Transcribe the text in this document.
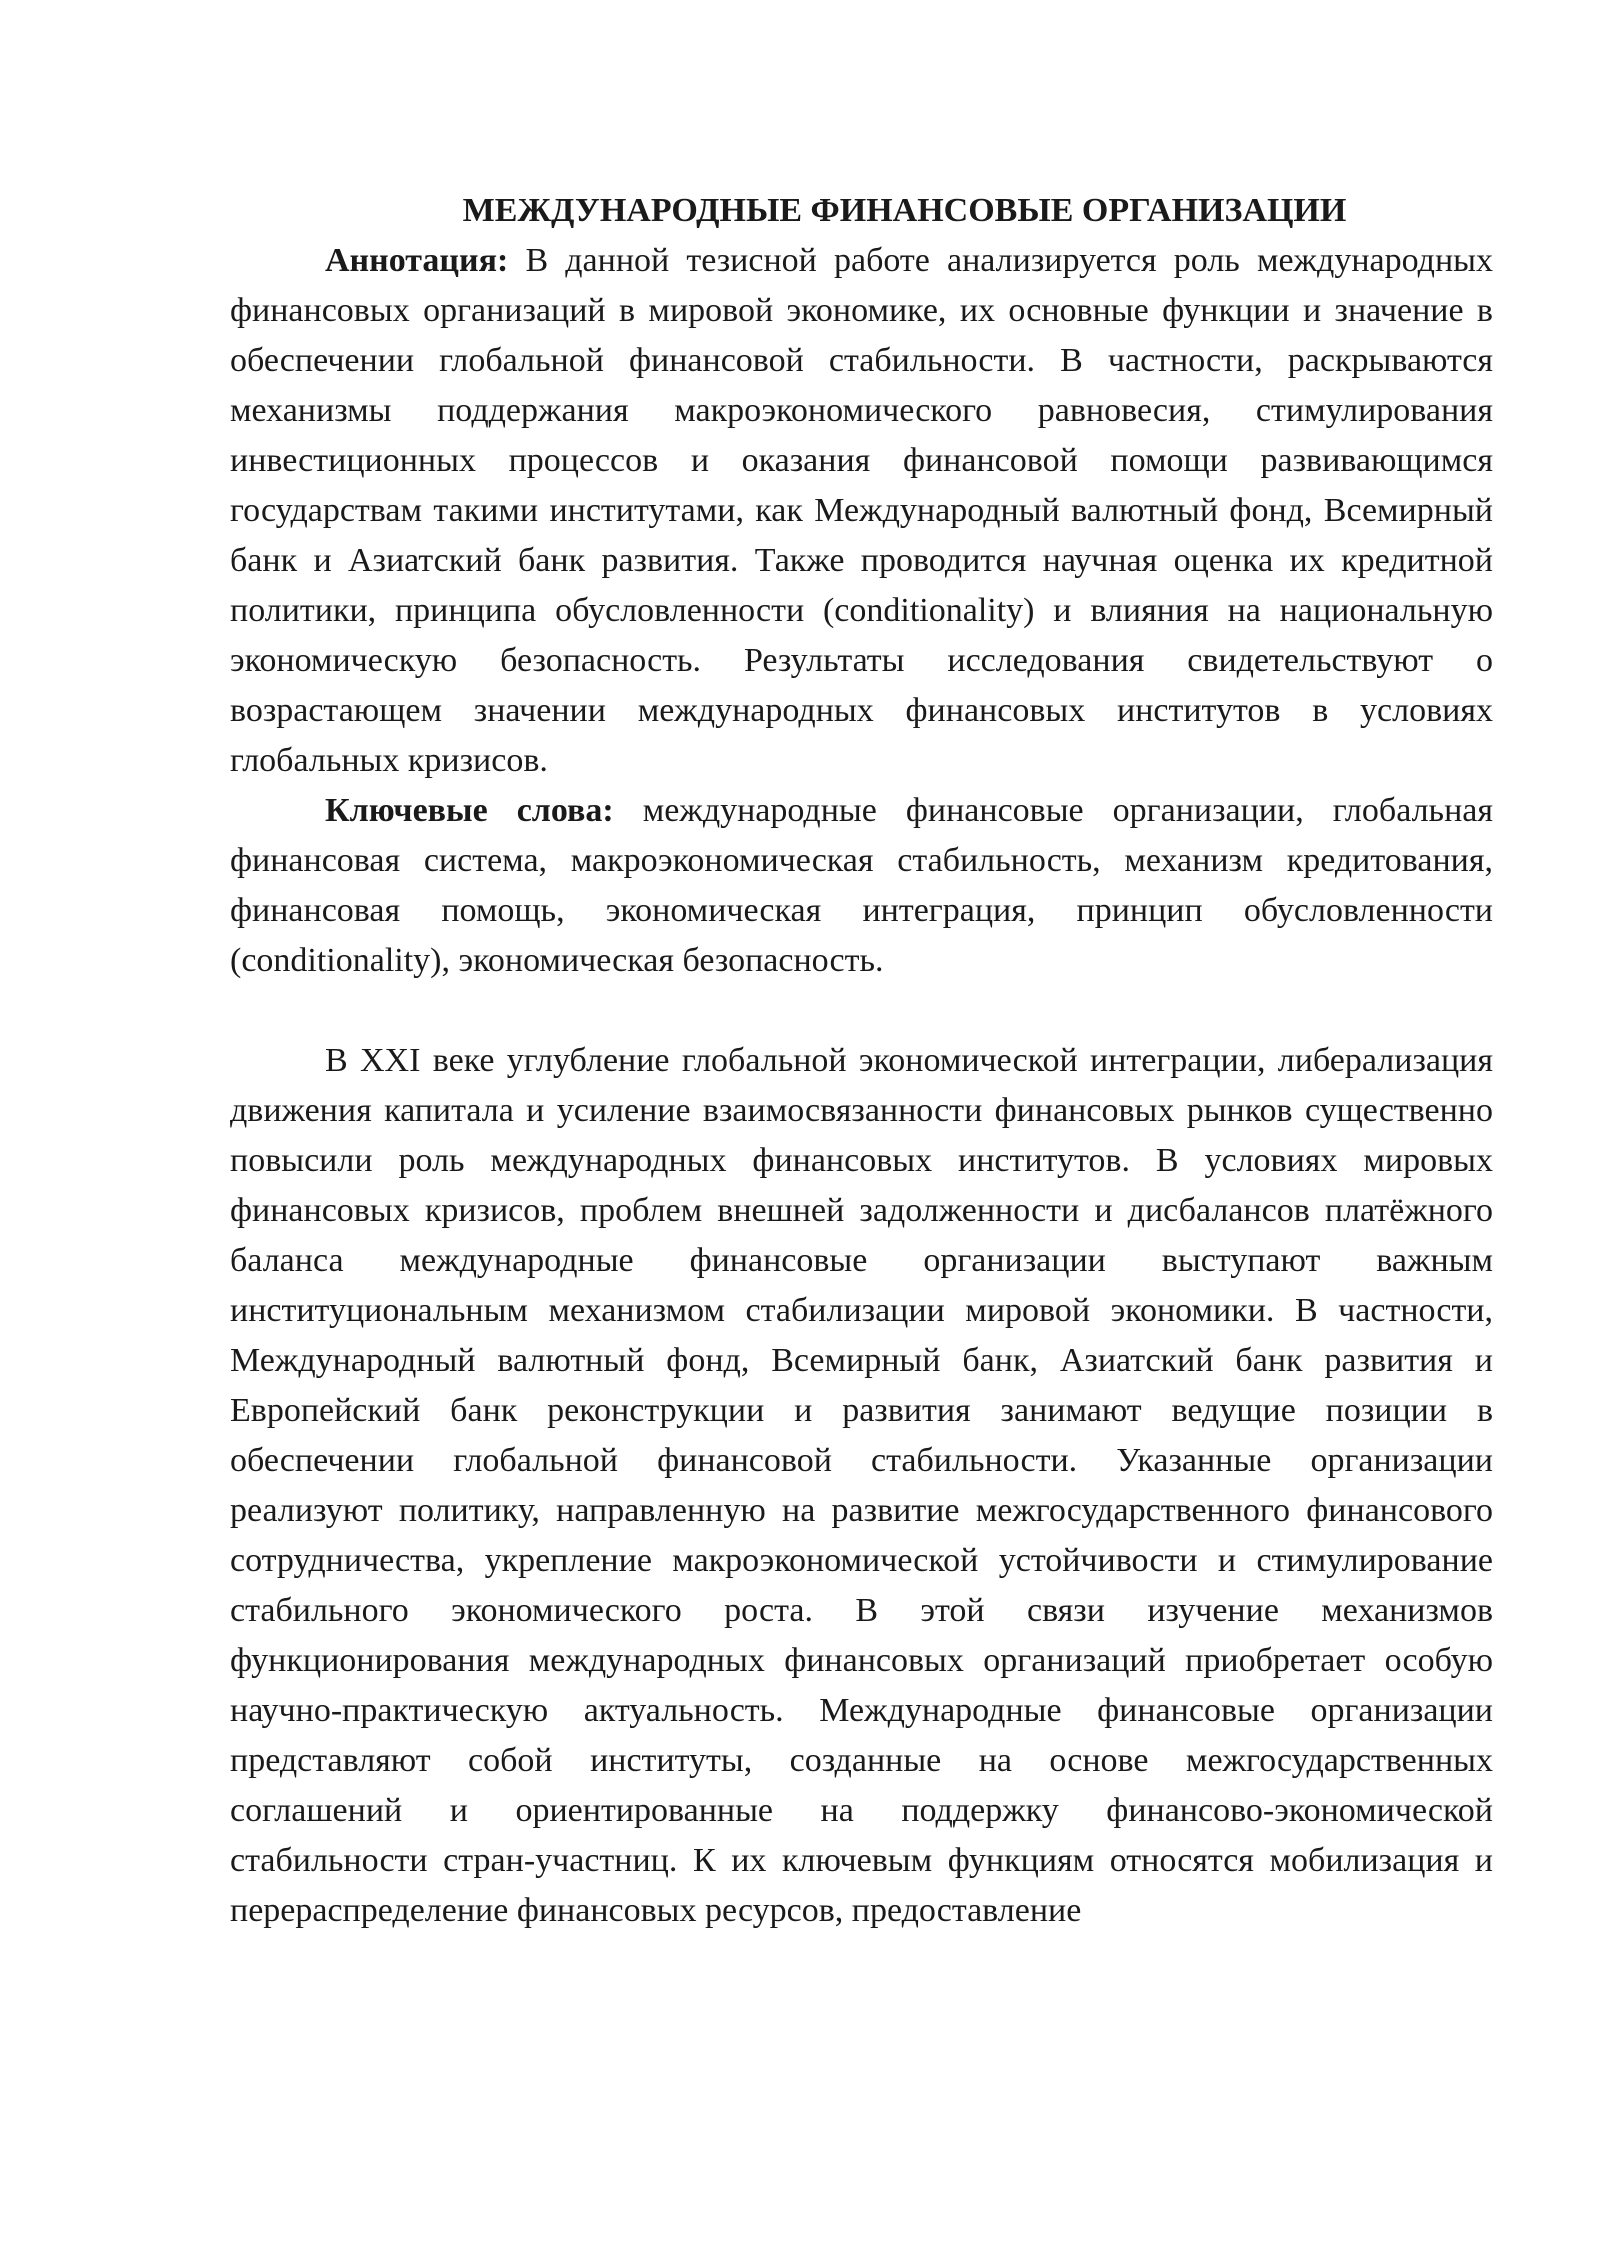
МЕЖДУНАРОДНЫЕ ФИНАНСОВЫЕ ОРГАНИЗАЦИИ

Аннотация: В данной тезисной работе анализируется роль международных финансовых организаций в мировой экономике, их основные функции и значение в обеспечении глобальной финансовой стабильности. В частности, раскрываются механизмы поддержания макроэкономического равновесия, стимулирования инвестиционных процессов и оказания финансовой помощи развивающимся государствам такими институтами, как Международный валютный фонд, Всемирный банк и Азиатский банк развития. Также проводится научная оценка их кредитной политики, принципа обусловленности (conditionality) и влияния на национальную экономическую безопасность. Результаты исследования свидетельствуют о возрастающем значении международных финансовых институтов в условиях глобальных кризисов.

Ключевые слова: международные финансовые организации, глобальная финансовая система, макроэкономическая стабильность, механизм кредитования, финансовая помощь, экономическая интеграция, принцип обусловленности (conditionality), экономическая безопасность.

В XXI веке углубление глобальной экономической интеграции, либерализация движения капитала и усиление взаимосвязанности финансовых рынков существенно повысили роль международных финансовых институтов. В условиях мировых финансовых кризисов, проблем внешней задолженности и дисбалансов платёжного баланса международные финансовые организации выступают важным институциональным механизмом стабилизации мировой экономики. В частности, Международный валютный фонд, Всемирный банк, Азиатский банк развития и Европейский банк реконструкции и развития занимают ведущие позиции в обеспечении глобальной финансовой стабильности. Указанные организации реализуют политику, направленную на развитие межгосударственного финансового сотрудничества, укрепление макроэкономической устойчивости и стимулирование стабильного экономического роста. В этой связи изучение механизмов функционирования международных финансовых организаций приобретает особую научно-практическую актуальность. Международные финансовые организации представляют собой институты, созданные на основе межгосударственных соглашений и ориентированные на поддержку финансово-экономической стабильности стран-участниц. К их ключевым функциям относятся мобилизация и перераспределение финансовых ресурсов, предоставление
